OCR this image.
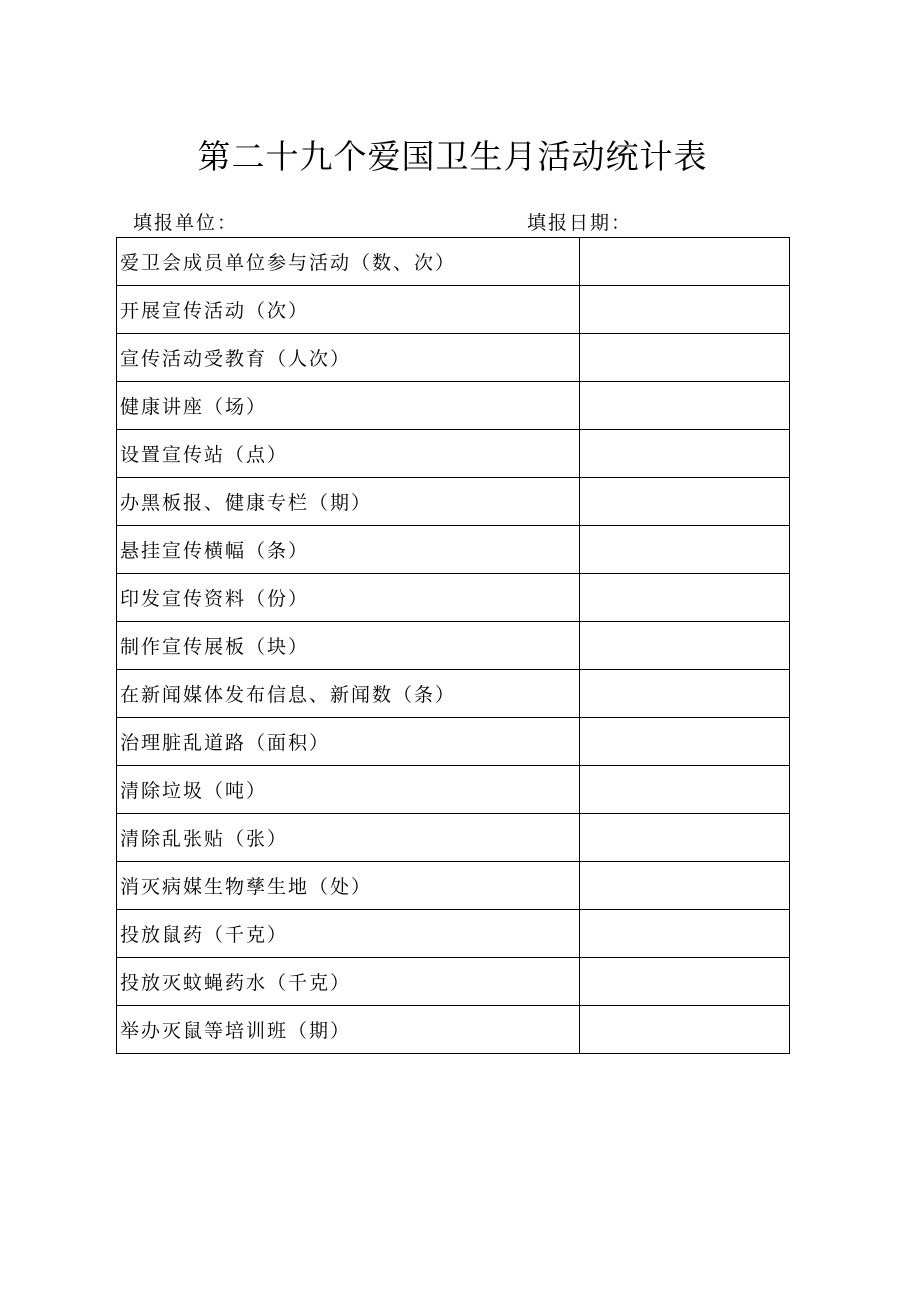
第二十九个爱国卫生月活动统计表
填报单位：	填报日期：
爱卫会成员单位参与活动（数、次）	
开展宣传活动（次）	
宣传活动受教育（人次）	
健康讲座（场）	
设置宣传站（点）	
办黑板报、健康专栏（期）	
悬挂宣传横幅（条）	
印发宣传资料（份）	
制作宣传展板（块）	
在新闻媒体发布信息、新闻数（条）	
治理脏乱道路（面积）	
清除垃圾（吨）	
清除乱张贴（张）	
消灭病媒生物孳生地（处）	
投放鼠药（千克）	
投放灭蚊蝇药水（千克）	
举办灭鼠等培训班（期）	
